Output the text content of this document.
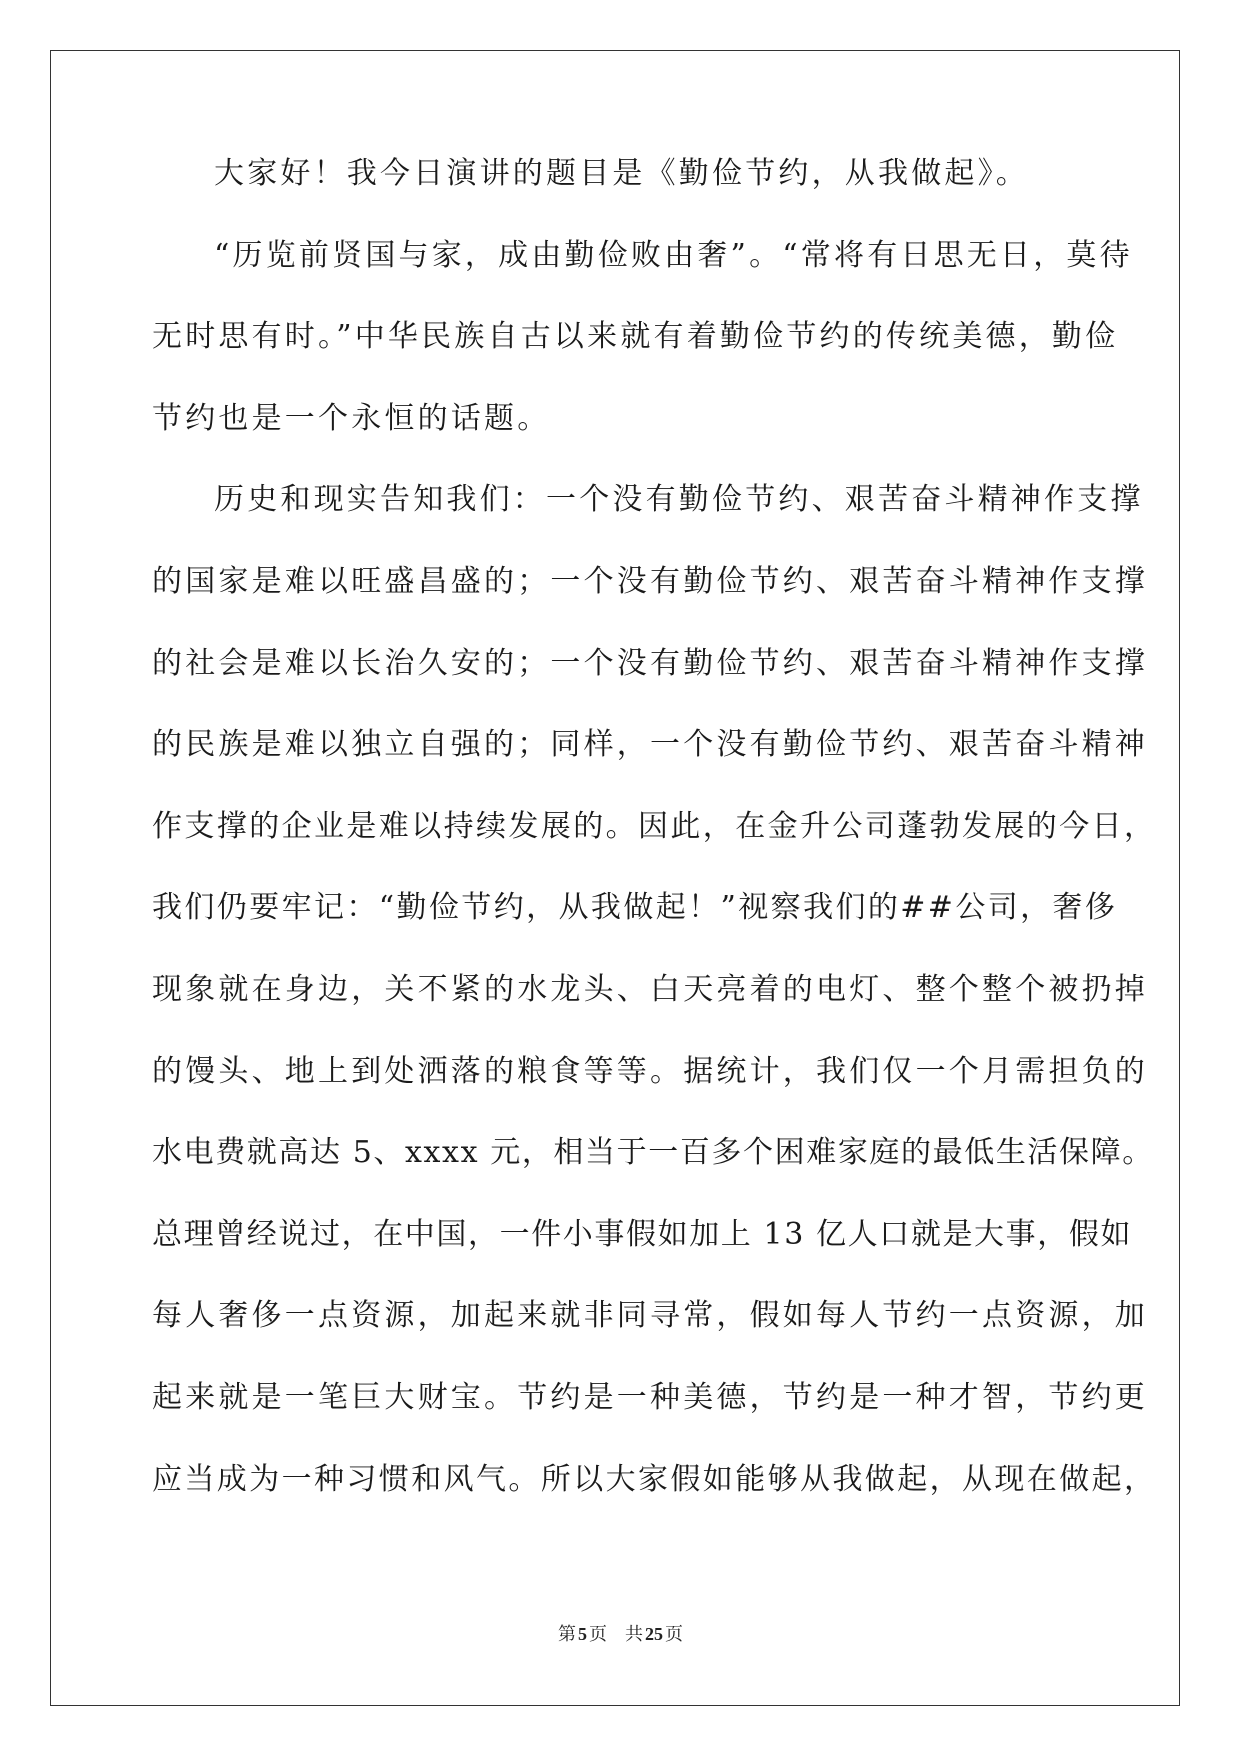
大家好！我今日演讲的题目是《勤俭节约，从我做起》。
“历览前贤国与家，成由勤俭败由奢”。“常将有日思无日，莫待
无时思有时。”中华民族自古以来就有着勤俭节约的传统美德，勤俭
节约也是一个永恒的话题。
历史和现实告知我们：一个没有勤俭节约、艰苦奋斗精神作支撑
的国家是难以旺盛昌盛的；一个没有勤俭节约、艰苦奋斗精神作支撑
的社会是难以长治久安的；一个没有勤俭节约、艰苦奋斗精神作支撑
的民族是难以独立自强的；同样，一个没有勤俭节约、艰苦奋斗精神
作支撑的企业是难以持续发展的。因此，在金升公司蓬勃发展的今日，
我们仍要牢记：“勤俭节约，从我做起！”视察我们的##公司，奢侈
现象就在身边，关不紧的水龙头、白天亮着的电灯、整个整个被扔掉
的馒头、地上到处洒落的粮食等等。据统计，我们仅一个月需担负的
水电费就高达 5、xxxx 元，相当于一百多个困难家庭的最低生活保障。
总理曾经说过，在中国，一件小事假如加上 13 亿人口就是大事，假如
每人奢侈一点资源，加起来就非同寻常，假如每人节约一点资源，加
起来就是一笔巨大财宝。节约是一种美德，节约是一种才智，节约更
应当成为一种习惯和风气。所以大家假如能够从我做起，从现在做起，
第 5 页 共 25 页
